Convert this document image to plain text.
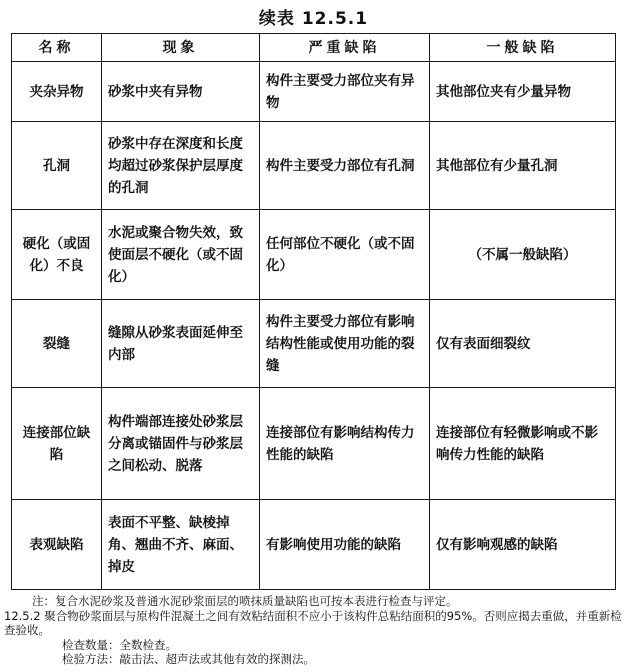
续表 12.5.1
名称	现象	严重缺陷	一般缺陷
夹杂异物	砂浆中夹有异物	构件主要受力部位夹有异物	其他部位夹有少量异物
孔洞	砂浆中存在深度和长度均超过砂浆保护层厚度的孔洞	构件主要受力部位有孔洞	其他部位有少量孔洞
硬化（或固化）不良	水泥或聚合物失效，致使面层不硬化（或不固化）	任何部位不硬化（或不固化）	（不属一般缺陷）
裂缝	缝隙从砂浆表面延伸至内部	构件主要受力部位有影响结构性能或使用功能的裂缝	仅有表面细裂纹
连接部位缺陷	构件端部连接处砂浆层分离或锚固件与砂浆层之间松动、脱落	连接部位有影响结构传力性能的缺陷	连接部位有轻微影响或不影响传力性能的缺陷
表观缺陷	表面不平整、缺棱掉角、翘曲不齐、麻面、掉皮	有影响使用功能的缺陷	仅有影响观感的缺陷

注：复合水泥砂浆及普通水泥砂浆面层的喷抹质量缺陷也可按本表进行检查与评定。

12.5.2 聚合物砂浆面层与原构件混凝土之间有效粘结面积不应小于该构件总粘结面积的95%。否则应揭去重做，并重新检查验收。

检查数量：全数检查。

检验方法：敲击法、超声法或其他有效的探测法。
